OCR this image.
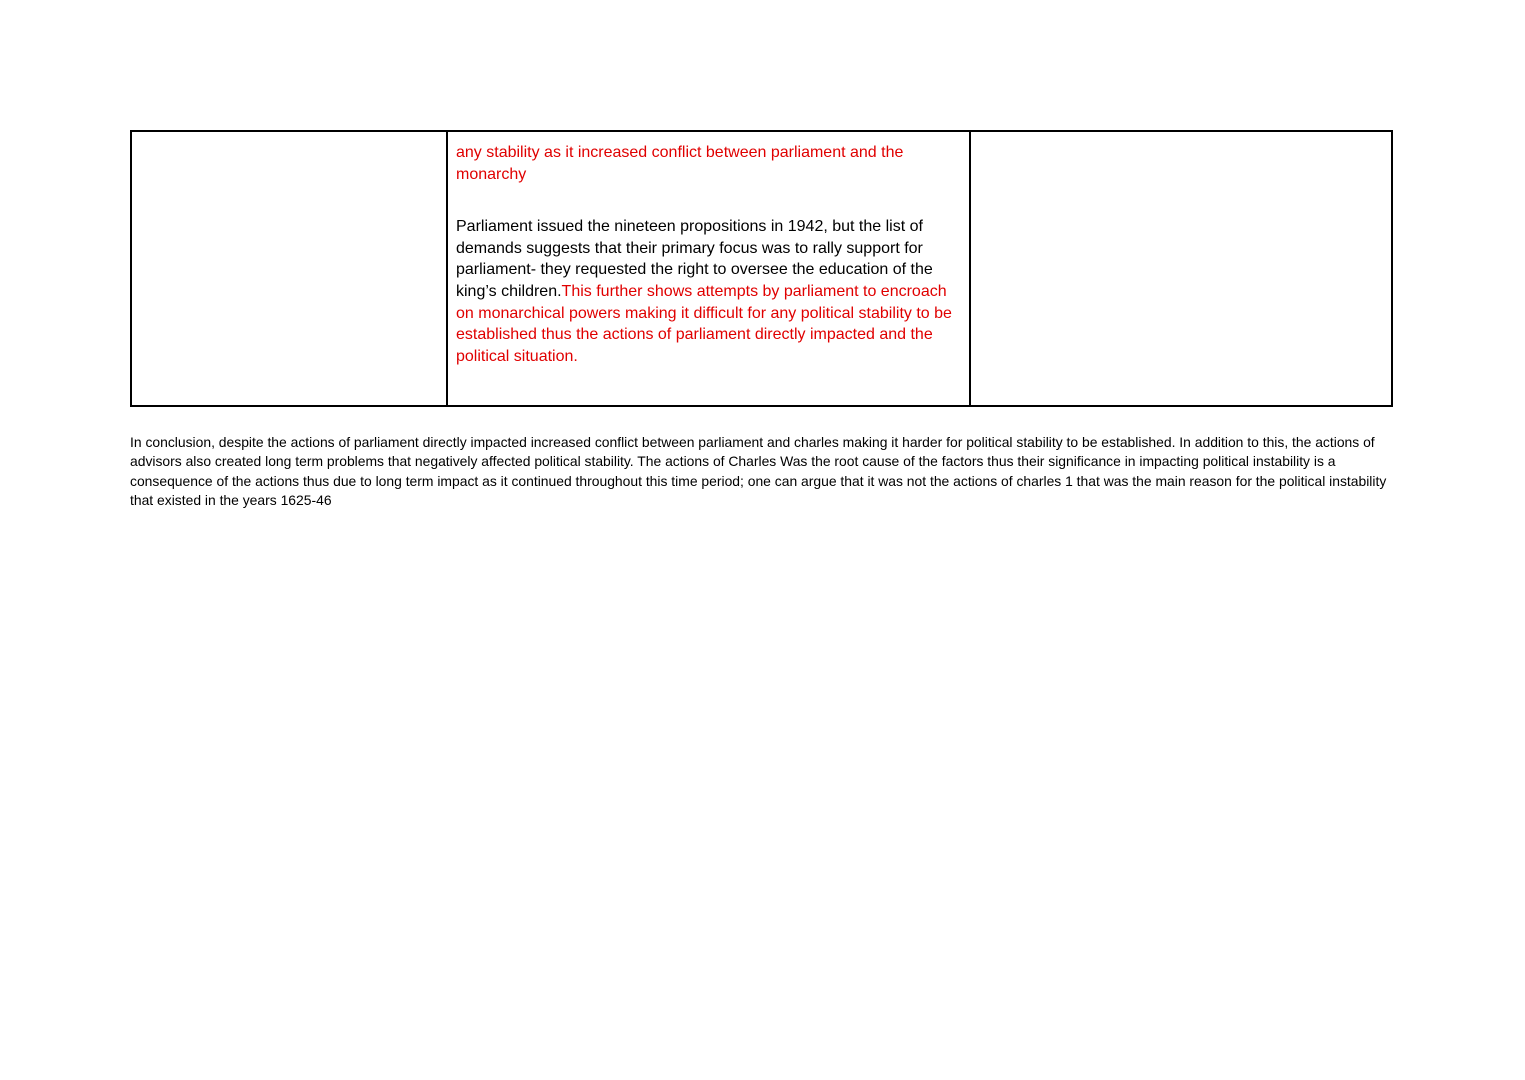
any stability as it increased conflict between parliament and the monarchy
Parliament issued the nineteen propositions in 1942, but the list of demands suggests that their primary focus was to rally support for parliament- they requested the right to oversee the education of the king’s children.This further shows attempts by parliament to encroach on monarchical powers making it difficult for any political stability to be established thus the actions of parliament directly impacted and the political situation.

In conclusion, despite the actions of parliament directly impacted increased conflict between parliament and charles making it harder for political stability to be established. In addition to this, the actions of advisors also created long term problems that negatively affected political stability. The actions of Charles Was the root cause of the factors thus their significance in impacting political instability is a consequence of the actions thus due to long term impact as it continued throughout this time period; one can argue that it was not the actions of charles 1 that was the main reason for the political instability that existed in the years 1625-46
